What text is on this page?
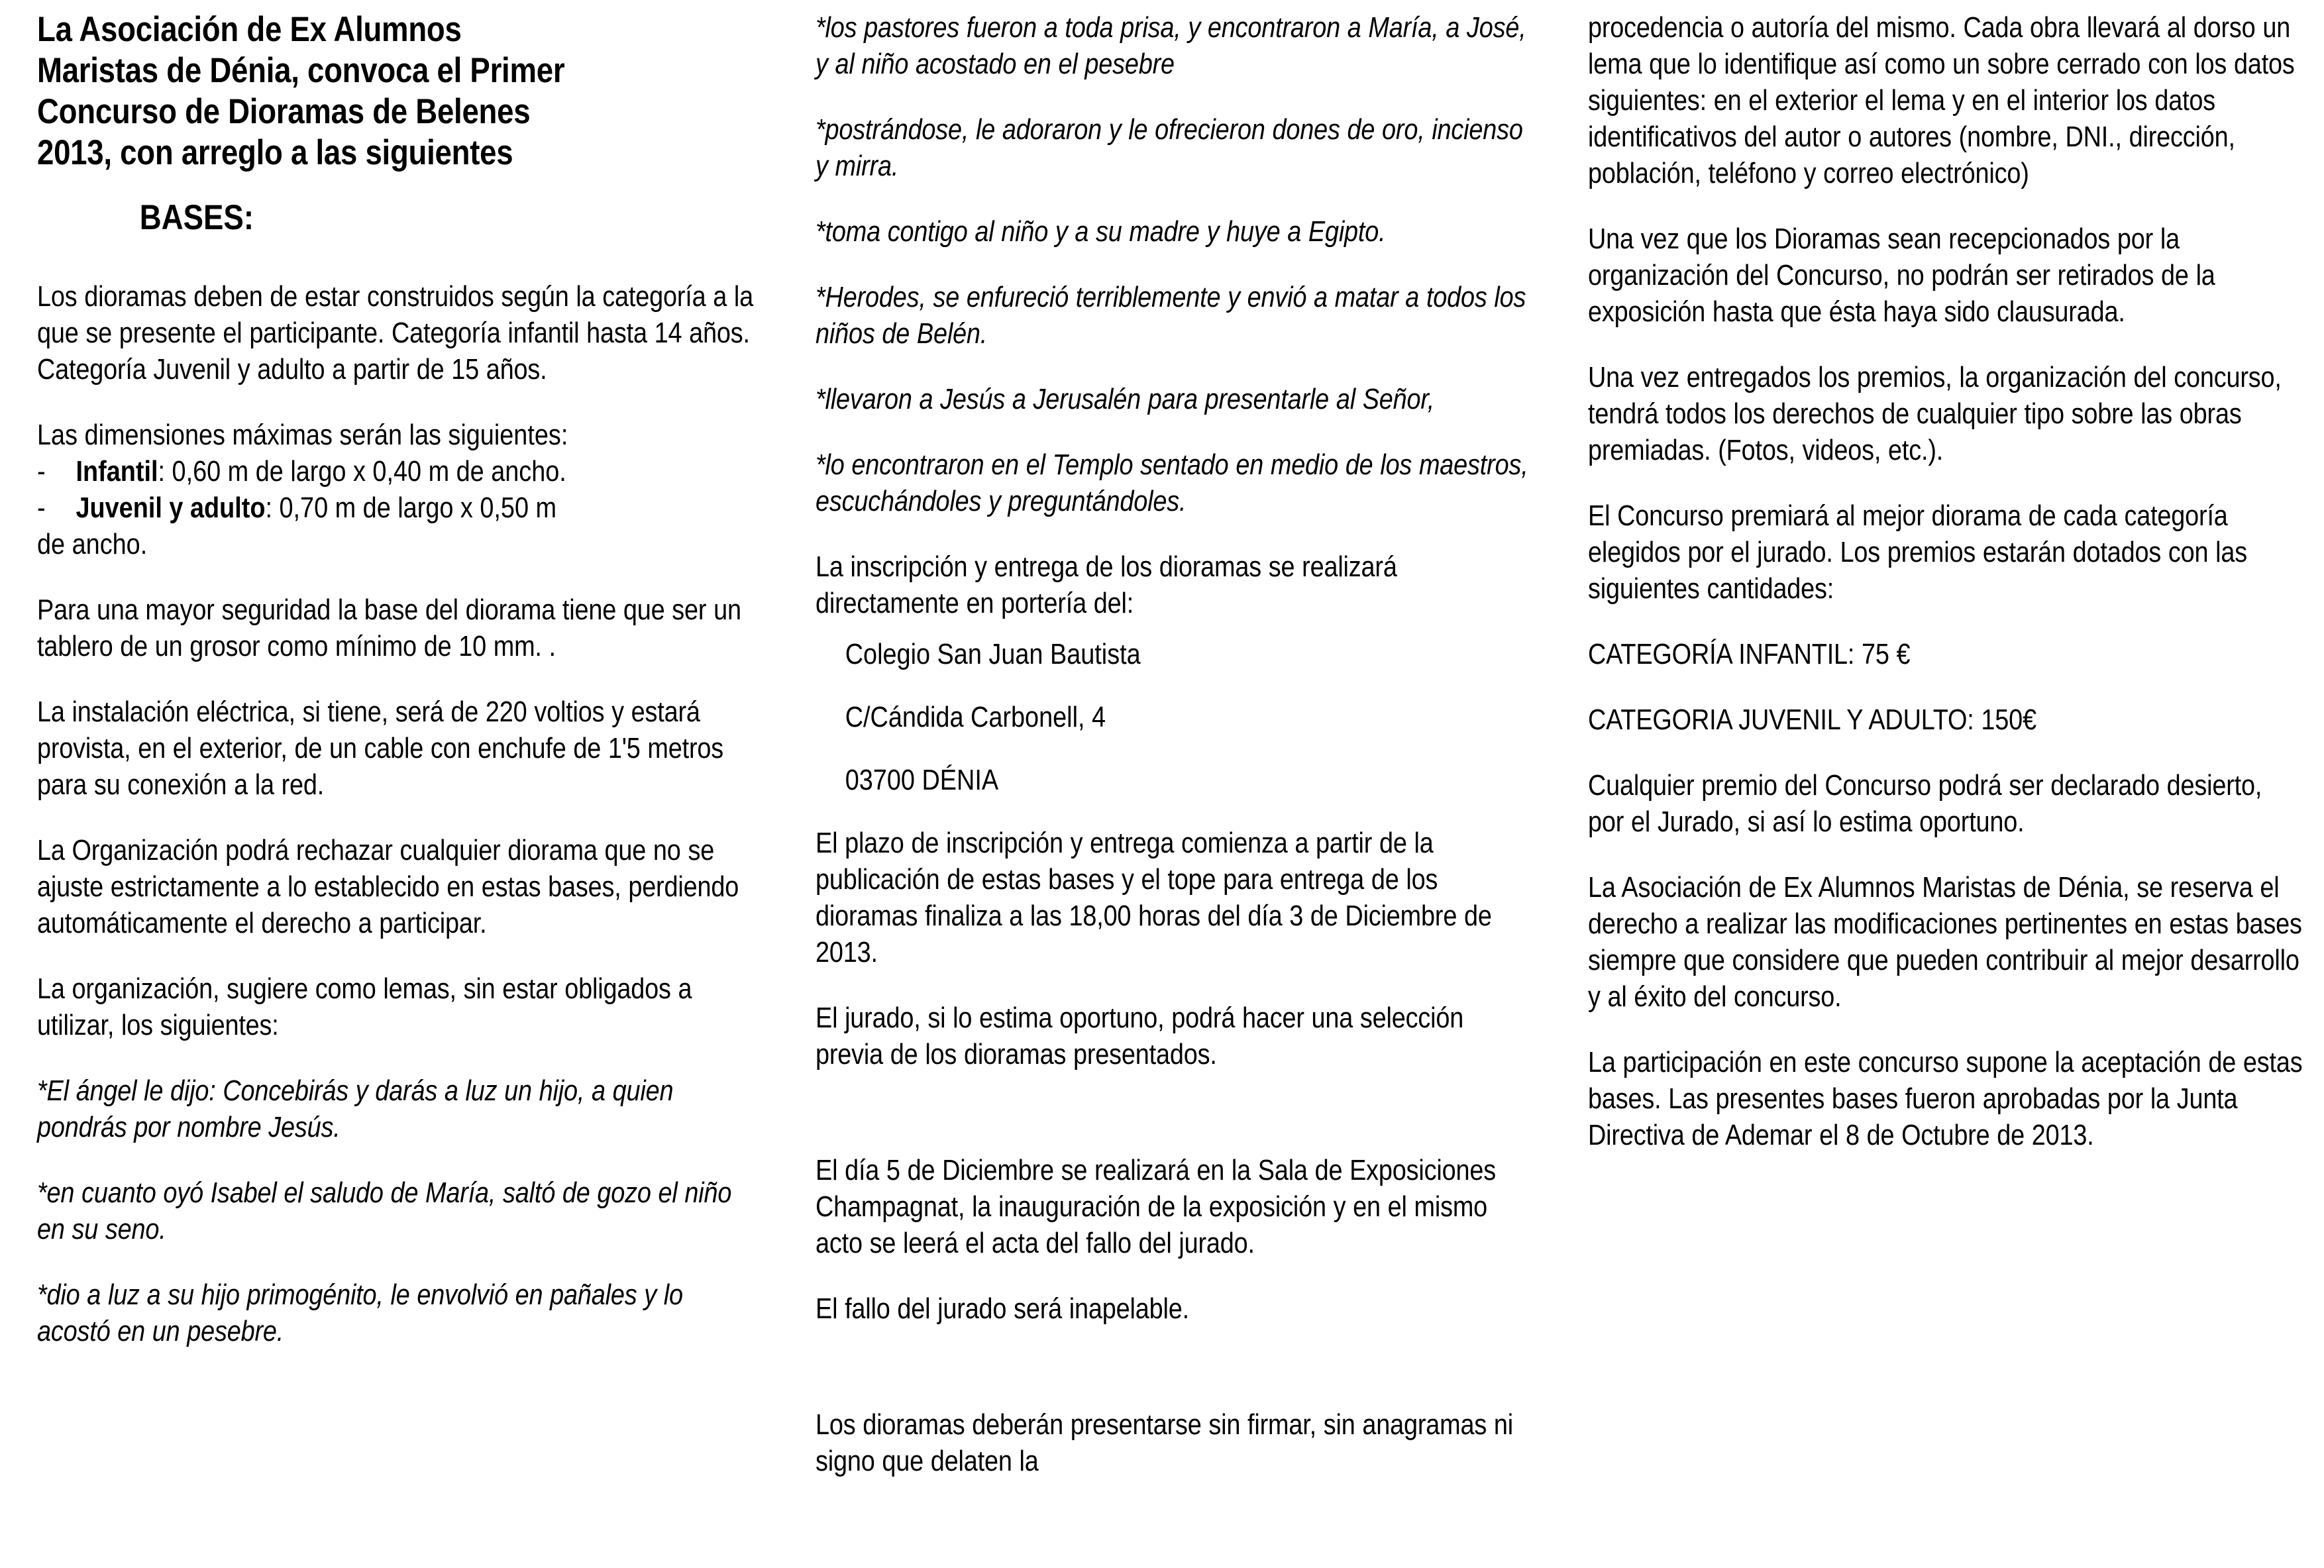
La Asociación de Ex Alumnos
Maristas de Dénia, convoca el Primer
Concurso de Dioramas de Belenes
2013, con arreglo a las siguientes
BASES:

Los dioramas deben de estar construidos según la categoría a la que se presente el participante. Categoría infantil hasta 14 años. Categoría Juvenil y adulto a partir de 15 años.

Las dimensiones máximas serán las siguientes:

- Infantil: 0,60 m de largo x 0,40 m de ancho.

- Juvenil y adulto: 0,70 m de largo x 0,50 m

de ancho.

Para una mayor seguridad la base del diorama tiene que ser un tablero de un grosor como mínimo de 10 mm. .

La instalación eléctrica, si tiene, será de 220 voltios y estará provista, en el exterior, de un cable con enchufe de 1'5 metros para su conexión a la red.

La Organización podrá rechazar cualquier diorama que no se ajuste estrictamente a lo establecido en estas bases, perdiendo automáticamente el derecho a participar.

La organización, sugiere como lemas, sin estar obligados a utilizar, los siguientes:

*El ángel le dijo: Concebirás y darás a luz un hijo, a quien pondrás por nombre Jesús.

*en cuanto oyó Isabel el saludo de María, saltó de gozo el niño en su seno.

*dio a luz a su hijo primogénito, le envolvió en pañales y lo acostó en un pesebre.

*los pastores fueron a toda prisa, y encontraron a María, a José, y al niño acostado en el pesebre

*postrándose, le adoraron y le ofrecieron dones de oro, incienso y mirra.

*toma contigo al niño y a su madre y huye a Egipto.

*Herodes, se enfureció terriblemente y envió a matar a todos los niños de Belén.

*llevaron a Jesús a Jerusalén para presentarle al Señor,

*lo encontraron en el Templo sentado en medio de los maestros, escuchándoles y preguntándoles.

La inscripción y entrega de los dioramas se realizará directamente en portería del:

Colegio San Juan Bautista

C/Cándida Carbonell, 4

03700 DÉNIA

El plazo de inscripción y entrega comienza a partir de la publicación de estas bases y el tope para entrega de los dioramas finaliza a las 18,00 horas del día 3 de Diciembre de 2013.

El jurado, si lo estima oportuno, podrá hacer una selección previa de los dioramas presentados.

El día 5 de Diciembre se realizará en la Sala de Exposiciones Champagnat, la inauguración de la exposición y en el mismo acto se leerá el acta del fallo del jurado.

El fallo del jurado será inapelable.

Los dioramas deberán presentarse sin firmar, sin anagramas ni signo que delaten la

procedencia o autoría del mismo. Cada obra llevará al dorso un lema que lo identifique así como un sobre cerrado con los datos siguientes: en el exterior el lema y en el interior los datos identificativos del autor o autores (nombre, DNI., dirección, población, teléfono y correo electrónico)

Una vez que los Dioramas sean recepcionados por la organización del Concurso, no podrán ser retirados de la exposición hasta que ésta haya sido clausurada.

Una vez entregados los premios, la organización del concurso, tendrá todos los derechos de cualquier tipo sobre las obras premiadas. (Fotos, videos, etc.).

El Concurso premiará al mejor diorama de cada categoría elegidos por el jurado. Los premios estarán dotados con las siguientes cantidades:

CATEGORÍA INFANTIL: 75 €

CATEGORIA JUVENIL Y ADULTO: 150€

Cualquier premio del Concurso podrá ser declarado desierto, por el Jurado, si así lo estima oportuno.

La Asociación de Ex Alumnos Maristas de Dénia, se reserva el derecho a realizar las modificaciones pertinentes en estas bases siempre que considere que pueden contribuir al mejor desarrollo y al éxito del concurso.

La participación en este concurso supone la aceptación de estas bases. Las presentes bases fueron aprobadas por la Junta Directiva de Ademar el 8 de Octubre de 2013.
